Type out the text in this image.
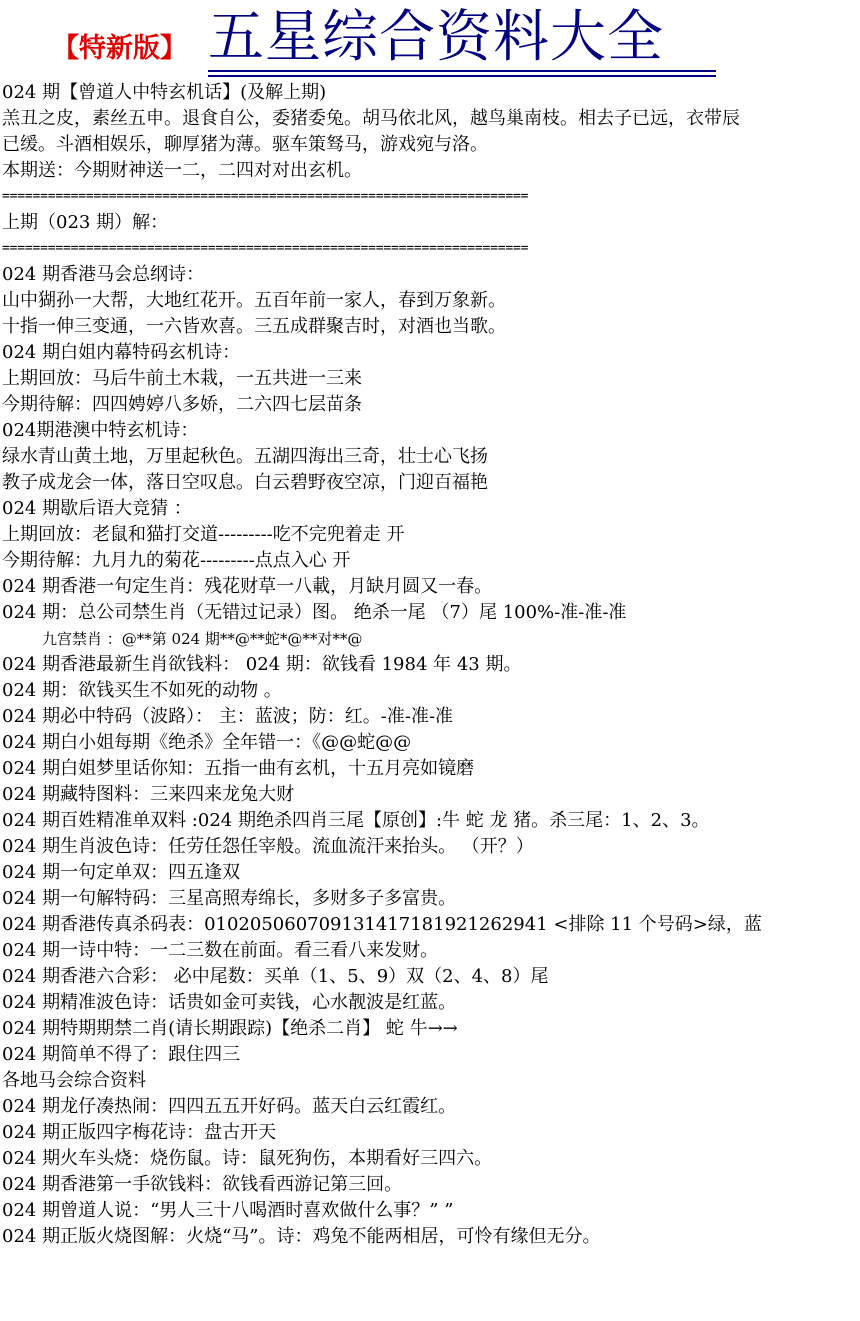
【特新版】 五星综合资料大全
024 期【曾道人中特玄机话】(及解上期)
羔丑之皮，素丝五申。退食自公，委猪委兔。胡马依北风，越鸟巢南枝。相去子已远，衣带辰
已缓。斗酒相娱乐，聊厚猪为薄。驱车策驽马，游戏宛与洛。
本期送：今期财神送一二，二四对对出玄机。
=====================================================================
上期（023 期）解：
=====================================================================
024 期香港马会总纲诗：
山中猢孙一大帮，大地红花开。五百年前一家人，春到万象新。
十指一伸三变通，一六皆欢喜。三五成群聚吉时，对酒也当歌。
024 期白姐内幕特码玄机诗：
上期回放：马后牛前土木栽，一五共进一三来
今期待解：四四娉婷八多娇，二六四七层苗条
024期港澳中特玄机诗：
绿水青山黄土地，万里起秋色。五湖四海出三奇，壮士心飞扬
教子成龙会一体，落日空叹息。白云碧野夜空凉，门迎百福艳
024 期歇后语大竞猜 ：
上期回放：老鼠和猫打交道---------吃不完兜着走 开
今期待解：九月九的菊花---------点点入心 开
024 期香港一句定生肖：残花财草一八載，月缺月圆又一春。
024 期：总公司禁生肖（无错过记录）图。 绝杀一尾 （7）尾 100%-准-准-准
九宫禁肖 ：@**第 024 期**@**蛇*@**对**@
024 期香港最新生肖欲钱料： 024 期：欲钱看 1984 年 43 期。
024 期：欲钱买生不如死的动物 。
024 期必中特码（波路）： 主：蓝波；防：红。-准-准-准
024 期白小姐每期《绝杀》全年错一：《@@蛇@@
024 期白姐梦里话你知：五指一曲有玄机，十五月亮如镜磨
024 期藏特图料：三来四来龙兔大财
024 期百姓精准单双料 :024 期绝杀四肖三尾【原创】:牛 蛇 龙 猪。杀三尾：1、2、3。
024 期生肖波色诗：任劳任怨任宰般。流血流汗来抬头。 （开？）
024 期一句定单双：四五逢双
024 期一句解特码：三星高照寿绵长，多财多子多富贵。
024 期香港传真杀码表：01020506070913141718192126294​1 <排除 11 个号码>绿，蓝
024 期一诗中特：一二三数在前面。看三看八来发财。
024 期香港六合彩： 必中尾数：买单（1、5、9）双（2、4、8）尾
024 期精准波色诗：话贵如金可卖钱，心水靓波是红蓝。
024 期特期期禁二肖(请长期跟踪)【绝杀二肖】 蛇 牛→→
024 期简单不得了：跟住四三
各地马会综合资料
024 期龙仔凑热闹：四四五五开好码。蓝天白云红霞红。
024 期正版四字梅花诗：盘古开天
024 期火车头烧：烧伤鼠。诗：鼠死狗伤，本期看好三四六。
024 期香港第一手欲钱料：欲钱看西游记第三回。
024 期曾道人说：“男人三十八喝酒时喜欢做什么事？” ”
024 期正版火烧图解：火烧“马”。诗：鸡兔不能两相居，可怜有缘但无分。
